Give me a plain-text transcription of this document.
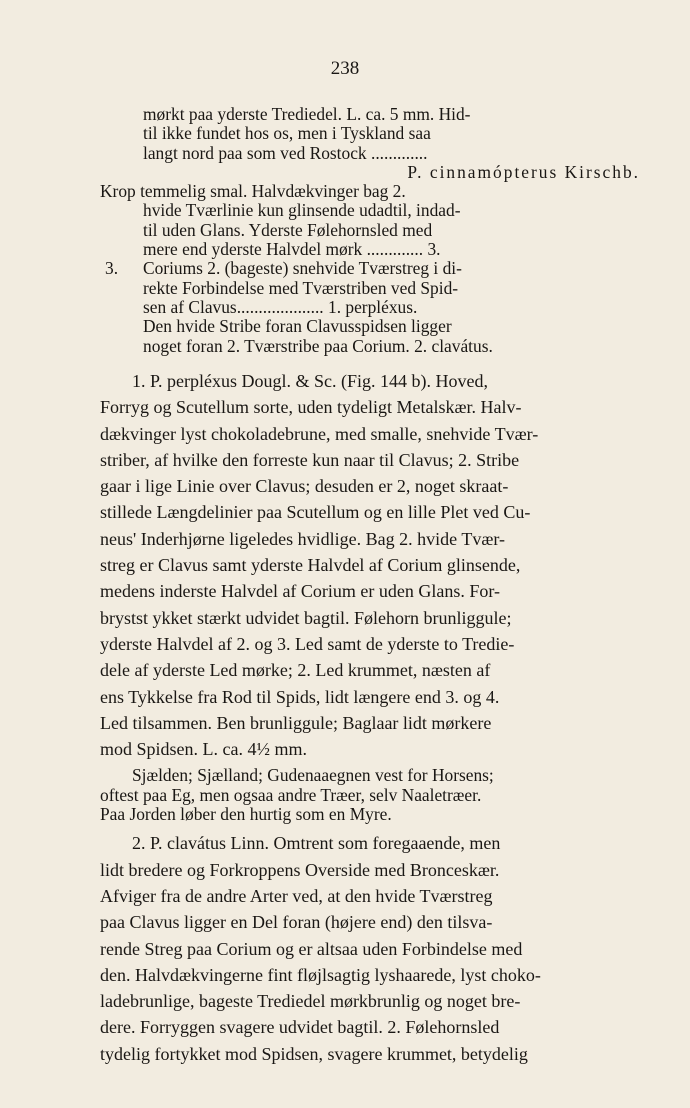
238
mørkt paa yderste Trediedel. L. ca. 5 mm. Hid-
til ikke fundet hos os, men i Tyskland saa
langt nord paa som ved Rostock .............
P. cinnamópterus Kirschb.
Krop temmelig smal. Halvdækvinger bag 2.
hvide Tværlinie kun glinsende udadtil, indad-
til uden Glans. Yderste Følehornsled med
mere end yderste Halvdel mørk ............. 3.
3. Coriums 2. (bageste) snehvide Tværstreg i di-
rekte Forbindelse med Tværstriben ved Spid-
sen af Clavus.................... 1. perpléxus.
Den hvide Stribe foran Clavusspidsen ligger
noget foran 2. Tværstribe paa Corium. 2. clavátus.
1. P. perpléxus Dougl. & Sc. (Fig. 144 b). Hoved,
Forryg og Scutellum sorte, uden tydeligt Metalskær. Halv-
dækvinger lyst chokoladebrune, med smalle, snehvide Tvær-
striber, af hvilke den forreste kun naar til Clavus; 2. Stribe
gaar i lige Linie over Clavus; desuden er 2, noget skraat-
stillede Længdelinier paa Scutellum og en lille Plet ved Cu-
neus' Inderhjørne ligeledes hvidlige. Bag 2. hvide Tvær-
streg er Clavus samt yderste Halvdel af Corium glinsende,
medens inderste Halvdel af Corium er uden Glans. For-
brystst ykket stærkt udvidet bagtil. Følehorn brunliggule;
yderste Halvdel af 2. og 3. Led samt de yderste to Tredie-
dele af yderste Led mørke; 2. Led krummet, næsten af
ens Tykkelse fra Rod til Spids, lidt længere end 3. og 4.
Led tilsammen. Ben brunliggule; Baglaar lidt mørkere
mod Spidsen. L. ca. 4½ mm.
Sjælden; Sjælland; Gudenaaegnen vest for Horsens;
oftest paa Eg, men ogsaa andre Træer, selv Naaletræer.
Paa Jorden løber den hurtig som en Myre.
2. P. clavátus Linn. Omtrent som foregaaende, men
lidt bredere og Forkroppens Overside med Bronceskær.
Afviger fra de andre Arter ved, at den hvide Tværstreg
paa Clavus ligger en Del foran (højere end) den tilsva-
rende Streg paa Corium og er altsaa uden Forbindelse med
den. Halvdækvingerne fint fløjlsagtig lyshaarede, lyst choko-
ladebrunlige, bageste Trediedel mørkbrunlig og noget bre-
dere. Forryggen svagere udvidet bagtil. 2. Følehornsled
tydelig fortykket mod Spidsen, svagere krummet, betydelig
